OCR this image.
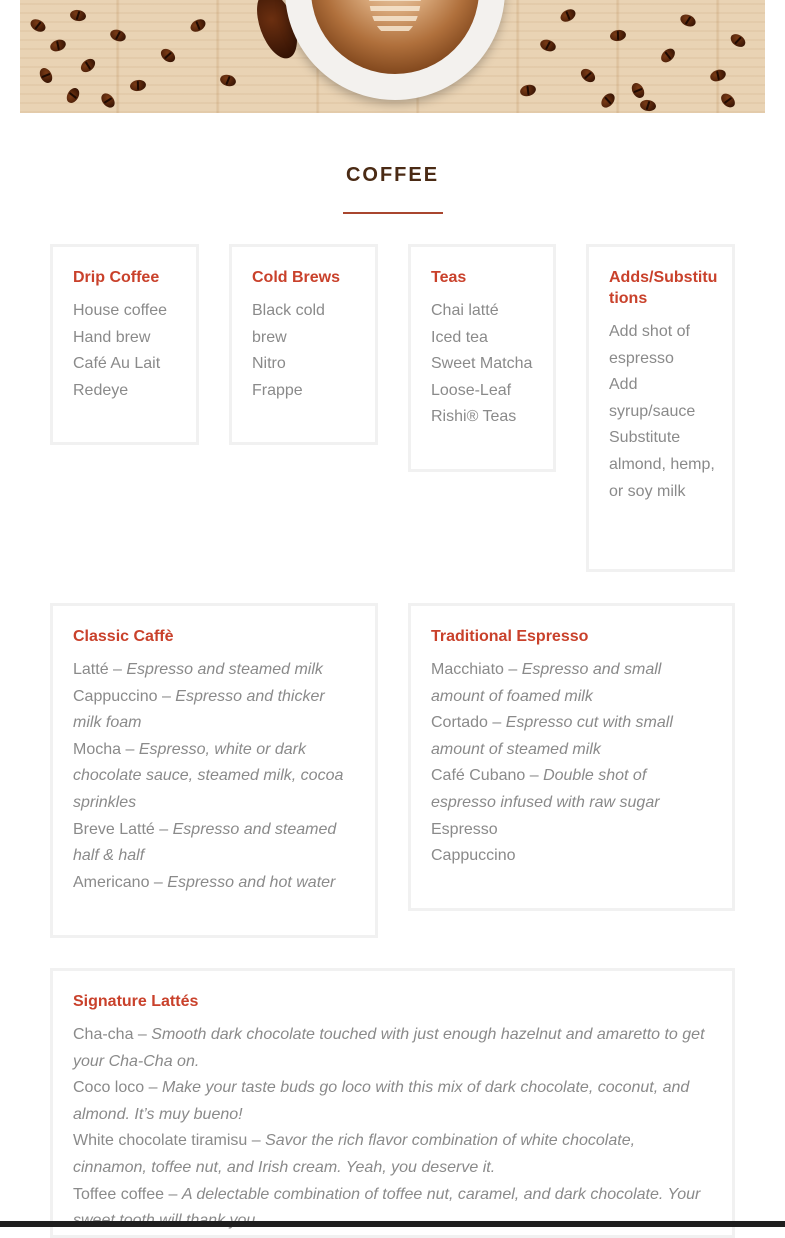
COFFEE
Drip Coffee
House coffee
Hand brew
Café Au Lait
Redeye
Cold Brews
Black cold brew
Nitro
Frappe
Teas
Chai latté
Iced tea
Sweet Matcha
Loose-Leaf
Rishi® Teas
Adds/Substitutions
Add shot of espresso
Add syrup/sauce
Substitute almond, hemp, or soy milk
Classic Caffè
Latté – Espresso and steamed milk
Cappuccino – Espresso and thicker milk foam
Mocha – Espresso, white or dark chocolate sauce, steamed milk, cocoa sprinkles
Breve Latté – Espresso and steamed half & half
Americano – Espresso and hot water
Traditional Espresso
Macchiato – Espresso and small amount of foamed milk
Cortado – Espresso cut with small amount of steamed milk
Café Cubano – Double shot of espresso infused with raw sugar
Espresso
Cappuccino
Signature Lattés
Cha-cha – Smooth dark chocolate touched with just enough hazelnut and amaretto to get your Cha-Cha on.
Coco loco – Make your taste buds go loco with this mix of dark chocolate, coconut, and almond. It’s muy bueno!
White chocolate tiramisu – Savor the rich flavor combination of white chocolate, cinnamon, toffee nut, and Irish cream. Yeah, you deserve it.
Toffee coffee – A delectable combination of toffee nut, caramel, and dark chocolate. Your
